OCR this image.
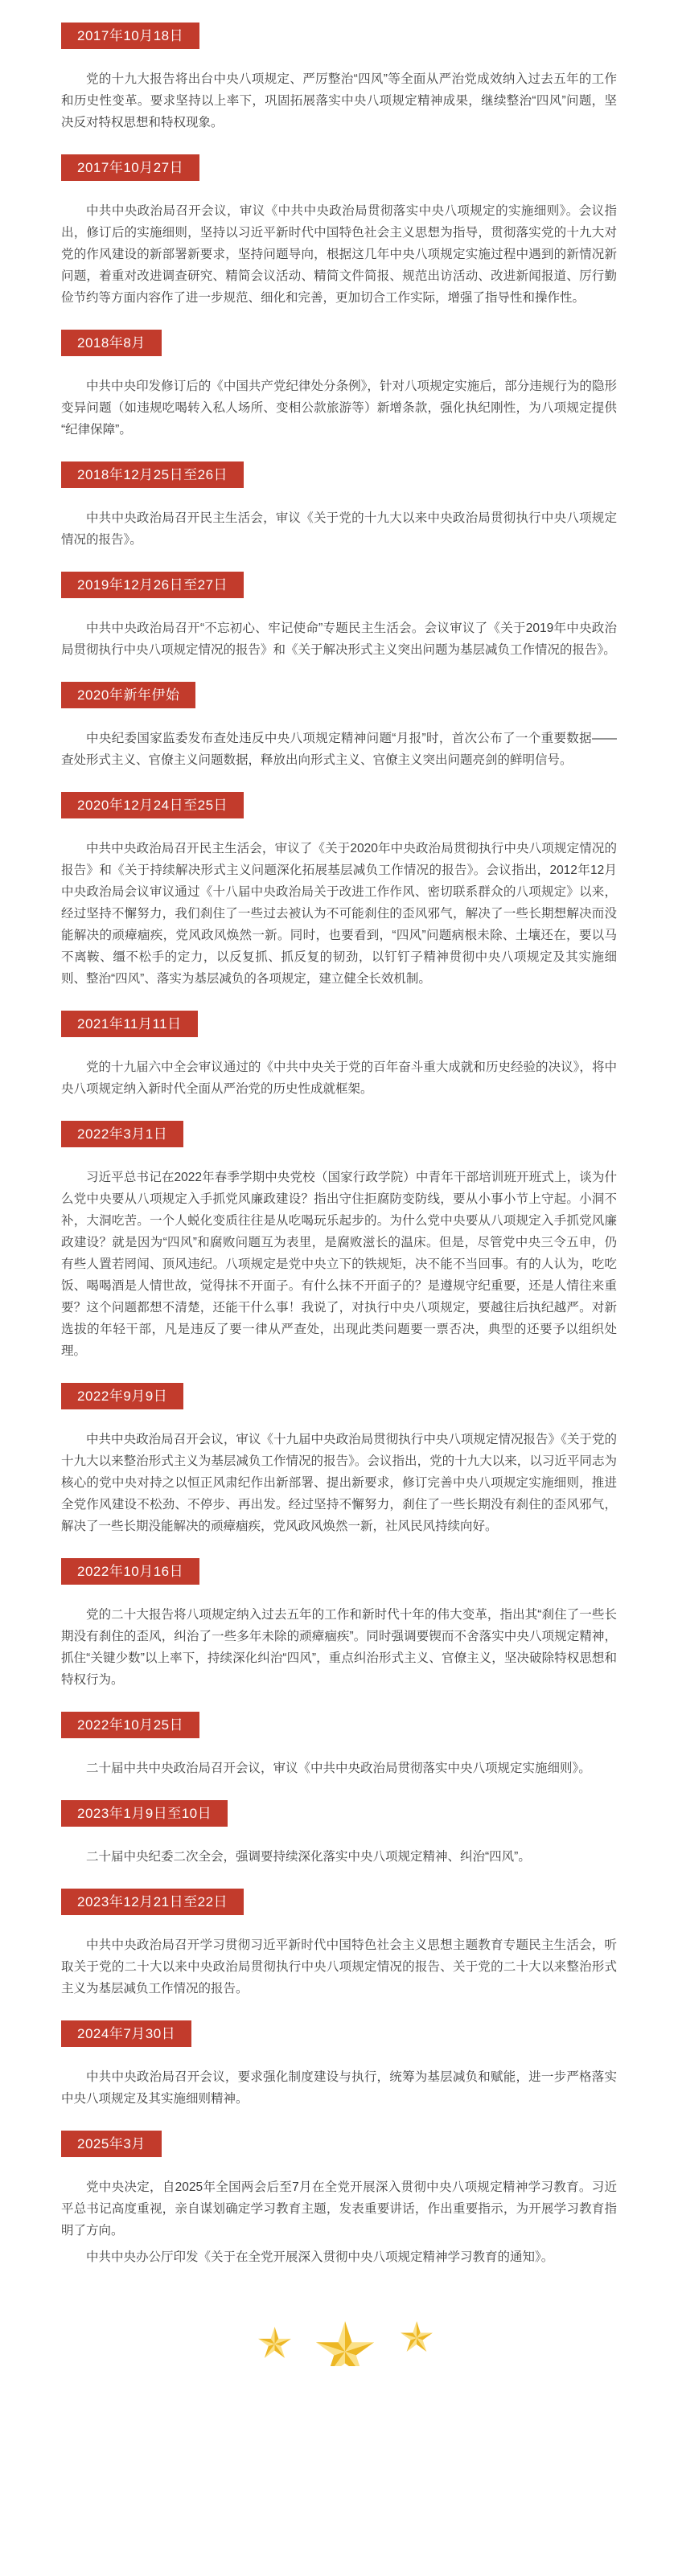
2017年10月18日

党的十九大报告将出台中央八项规定、严厉整治“四风”等全面从严治党成效纳入过去五年的工作和历史性变革。要求坚持以上率下，巩固拓展落实中央八项规定精神成果，继续整治“四风”问题，坚决反对特权思想和特权现象。

2017年10月27日

中共中央政治局召开会议，审议《中共中央政治局贯彻落实中央八项规定的实施细则》。会议指出，修订后的实施细则，坚持以习近平新时代中国特色社会主义思想为指导，贯彻落实党的十九大对党的作风建设的新部署新要求，坚持问题导向，根据这几年中央八项规定实施过程中遇到的新情况新问题，着重对改进调查研究、精简会议活动、精简文件简报、规范出访活动、改进新闻报道、厉行勤俭节约等方面内容作了进一步规范、细化和完善，更加切合工作实际，增强了指导性和操作性。

2018年8月

中共中央印发修订后的《中国共产党纪律处分条例》，针对八项规定实施后，部分违规行为的隐形变异问题（如违规吃喝转入私人场所、变相公款旅游等）新增条款，强化执纪刚性，为八项规定提供“纪律保障”。

2018年12月25日至26日

中共中央政治局召开民主生活会，审议《关于党的十九大以来中央政治局贯彻执行中央八项规定情况的报告》。

2019年12月26日至27日

中共中央政治局召开“不忘初心、牢记使命”专题民主生活会。会议审议了《关于2019年中央政治局贯彻执行中央八项规定情况的报告》和《关于解决形式主义突出问题为基层减负工作情况的报告》。

2020年新年伊始

中央纪委国家监委发布查处违反中央八项规定精神问题“月报”时，首次公布了一个重要数据——查处形式主义、官僚主义问题数据，释放出向形式主义、官僚主义突出问题亮剑的鲜明信号。

2020年12月24日至25日

中共中央政治局召开民主生活会，审议了《关于2020年中央政治局贯彻执行中央八项规定情况的报告》和《关于持续解决形式主义问题深化拓展基层减负工作情况的报告》。会议指出，2012年12月中央政治局会议审议通过《十八届中央政治局关于改进工作作风、密切联系群众的八项规定》以来，经过坚持不懈努力，我们刹住了一些过去被认为不可能刹住的歪风邪气，解决了一些长期想解决而没能解决的顽瘴痼疾，党风政风焕然一新。同时，也要看到，“四风”问题病根未除、土壤还在，要以马不离鞍、缰不松手的定力，以反复抓、抓反复的韧劲，以钉钉子精神贯彻中央八项规定及其实施细则、整治“四风”、落实为基层减负的各项规定，建立健全长效机制。

2021年11月11日

党的十九届六中全会审议通过的《中共中央关于党的百年奋斗重大成就和历史经验的决议》，将中央八项规定纳入新时代全面从严治党的历史性成就框架。

2022年3月1日

习近平总书记在2022年春季学期中央党校（国家行政学院）中青年干部培训班开班式上，谈为什么党中央要从八项规定入手抓党风廉政建设？指出守住拒腐防变防线，要从小事小节上守起。小洞不补，大洞吃苦。一个人蜕化变质往往是从吃喝玩乐起步的。为什么党中央要从八项规定入手抓党风廉政建设？就是因为“四风”和腐败问题互为表里，是腐败滋长的温床。但是，尽管党中央三令五申，仍有些人置若罔闻、顶风违纪。八项规定是党中央立下的铁规矩，决不能不当回事。有的人认为，吃吃饭、喝喝酒是人情世故，觉得抹不开面子。有什么抹不开面子的？是遵规守纪重要，还是人情往来重要？这个问题都想不清楚，还能干什么事！我说了，对执行中央八项规定，要越往后执纪越严。对新选拔的年轻干部，凡是违反了要一律从严查处，出现此类问题要一票否决，典型的还要予以组织处理。

2022年9月9日

中共中央政治局召开会议，审议《十九届中央政治局贯彻执行中央八项规定情况报告》《关于党的十九大以来整治形式主义为基层减负工作情况的报告》。会议指出，党的十九大以来，以习近平同志为核心的党中央对持之以恒正风肃纪作出新部署、提出新要求，修订完善中央八项规定实施细则，推进全党作风建设不松劲、不停步、再出发。经过坚持不懈努力，刹住了一些长期没有刹住的歪风邪气，解决了一些长期没能解决的顽瘴痼疾，党风政风焕然一新，社风民风持续向好。

2022年10月16日

党的二十大报告将八项规定纳入过去五年的工作和新时代十年的伟大变革，指出其“刹住了一些长期没有刹住的歪风，纠治了一些多年未除的顽瘴痼疾”。同时强调要锲而不舍落实中央八项规定精神，抓住“关键少数”以上率下，持续深化纠治“四风”，重点纠治形式主义、官僚主义，坚决破除特权思想和特权行为。

2022年10月25日

二十届中共中央政治局召开会议，审议《中共中央政治局贯彻落实中央八项规定实施细则》。

2023年1月9日至10日

二十届中央纪委二次全会，强调要持续深化落实中央八项规定精神、纠治“四风”。

2023年12月21日至22日

中共中央政治局召开学习贯彻习近平新时代中国特色社会主义思想主题教育专题民主生活会，听取关于党的二十大以来中央政治局贯彻执行中央八项规定情况的报告、关于党的二十大以来整治形式主义为基层减负工作情况的报告。

2024年7月30日

中共中央政治局召开会议，要求强化制度建设与执行，统筹为基层减负和赋能，进一步严格落实中央八项规定及其实施细则精神。

2025年3月

党中央决定，自2025年全国两会后至7月在全党开展深入贯彻中央八项规定精神学习教育。习近平总书记高度重视，亲自谋划确定学习教育主题，发表重要讲话，作出重要指示，为开展学习教育指明了方向。

中共中央办公厅印发《关于在全党开展深入贯彻中央八项规定精神学习教育的通知》。
